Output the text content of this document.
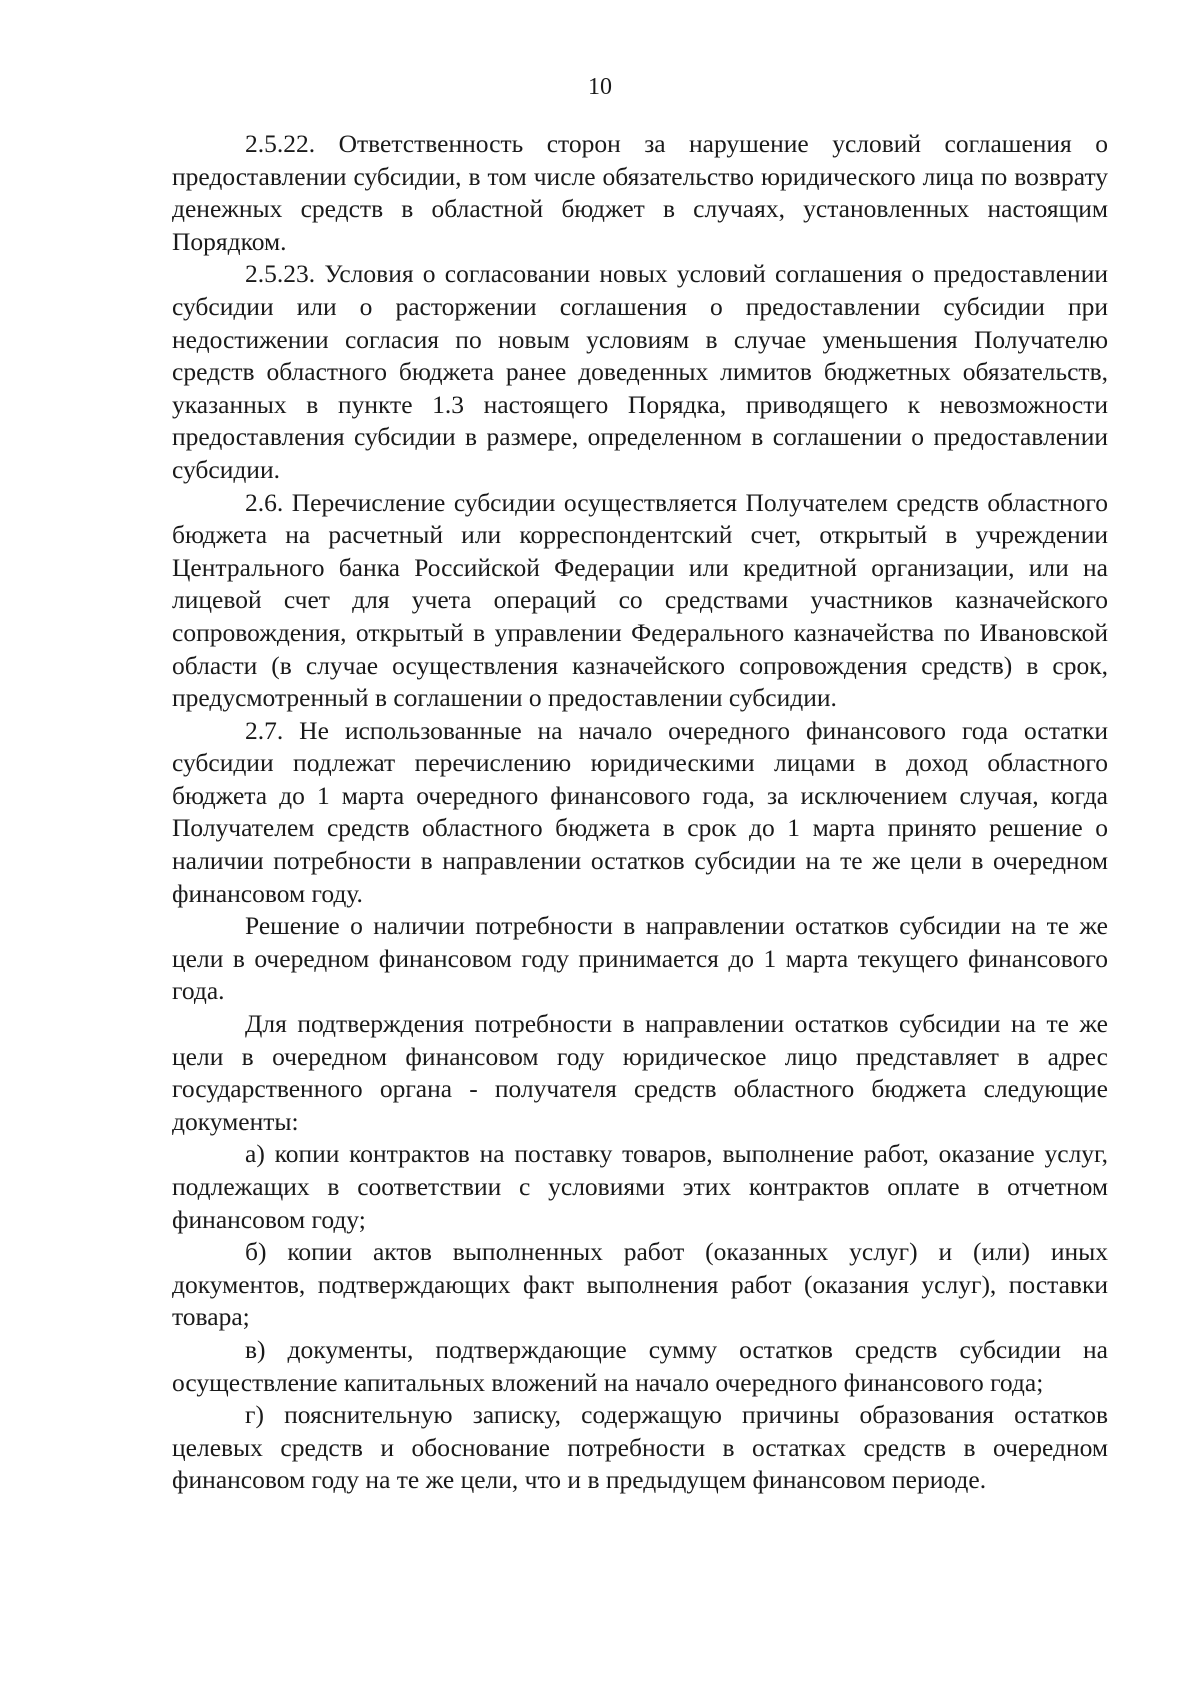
10

2.5.22. Ответственность сторон за нарушение условий соглашения о предоставлении субсидии, в том числе обязательство юридического лица по возврату денежных средств в областной бюджет в случаях, установленных настоящим Порядком.

2.5.23. Условия о согласовании новых условий соглашения о предоставлении субсидии или о расторжении соглашения о предоставлении субсидии при недостижении согласия по новым условиям в случае уменьшения Получателю средств областного бюджета ранее доведенных лимитов бюджетных обязательств, указанных в пункте 1.3 настоящего Порядка, приводящего к невозможности предоставления субсидии в размере, определенном в соглашении о предоставлении субсидии.

2.6. Перечисление субсидии осуществляется Получателем средств областного бюджета на расчетный или корреспондентский счет, открытый в учреждении Центрального банка Российской Федерации или кредитной организации, или на лицевой счет для учета операций со средствами участников казначейского сопровождения, открытый в управлении Федерального казначейства по Ивановской области (в случае осуществления казначейского сопровождения средств) в срок, предусмотренный в соглашении о предоставлении субсидии.

2.7. Не использованные на начало очередного финансового года остатки субсидии подлежат перечислению юридическими лицами в доход областного бюджета до 1 марта очередного финансового года, за исключением случая, когда Получателем средств областного бюджета в срок до 1 марта принято решение о наличии потребности в направлении остатков субсидии на те же цели в очередном финансовом году.

Решение о наличии потребности в направлении остатков субсидии на те же цели в очередном финансовом году принимается до 1 марта текущего финансового года.

Для подтверждения потребности в направлении остатков субсидии на те же цели в очередном финансовом году юридическое лицо представляет в адрес государственного органа - получателя средств областного бюджета следующие документы:

а) копии контрактов на поставку товаров, выполнение работ, оказание услуг, подлежащих в соответствии с условиями этих контрактов оплате в отчетном финансовом году;

б) копии актов выполненных работ (оказанных услуг) и (или) иных документов, подтверждающих факт выполнения работ (оказания услуг), поставки товара;

в) документы, подтверждающие сумму остатков средств субсидии на осуществление капитальных вложений на начало очередного финансового года;

г) пояснительную записку, содержащую причины образования остатков целевых средств и обоснование потребности в остатках средств в очередном финансовом году на те же цели, что и в предыдущем финансовом периоде.
